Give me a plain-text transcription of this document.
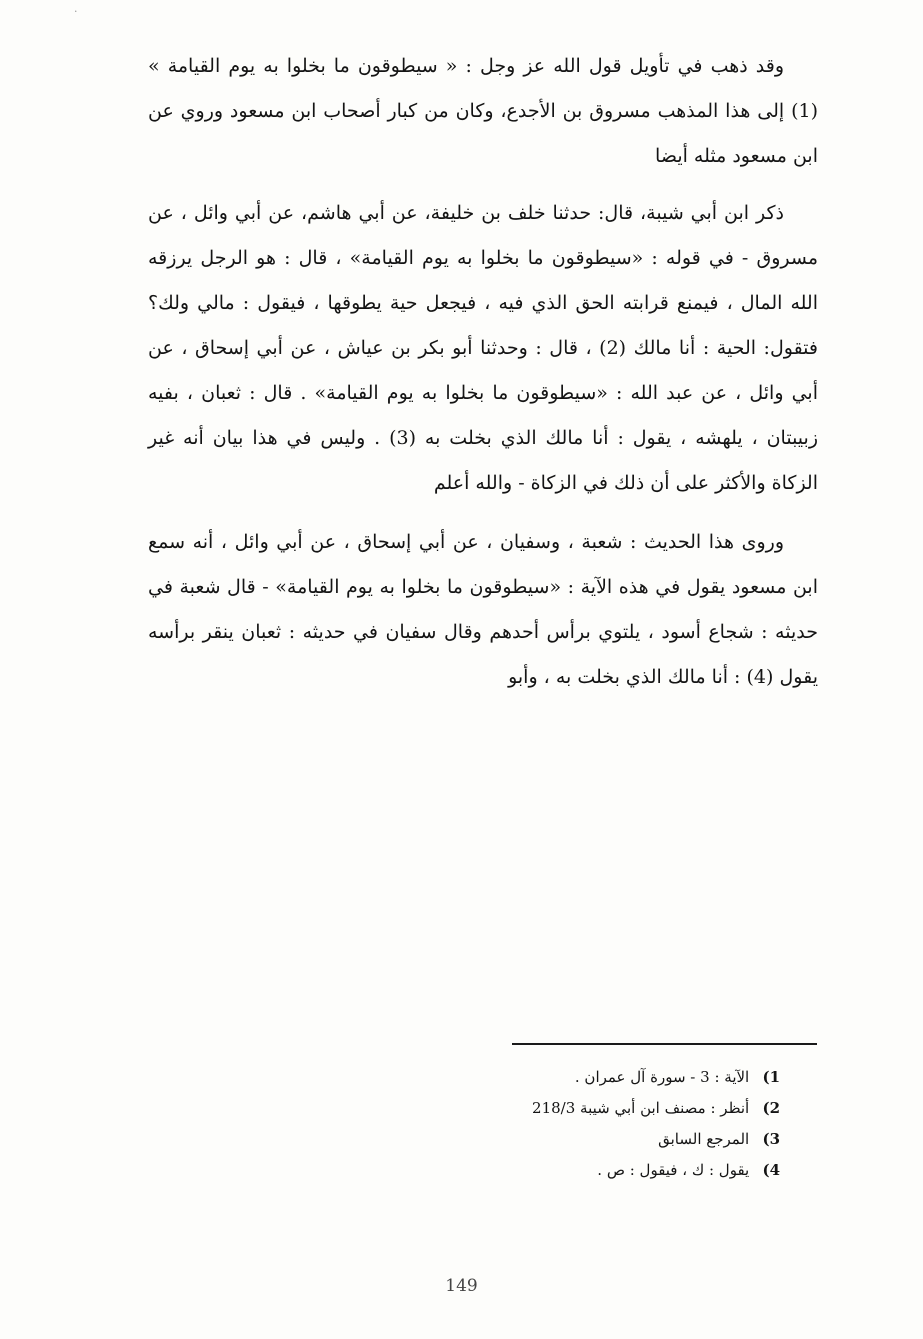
·

وقد ذهب في تأويل قول الله عز وجل : « سيطوقون ما بخلوا به يوم القيامة » (1) إلى هذا المذهب مسروق بن الأجدع، وكان من كبار أصحاب ابن مسعود وروي عن ابن مسعود مثله أيضا

ذكر ابن أبي شيبة، قال: حدثنا خلف بن خليفة، عن أبي هاشم، عن أبي وائل ، عن مسروق - في قوله : «سيطوقون ما بخلوا به يوم القيامة» ، قال : هو الرجل يرزقه الله المال ، فيمنع قرابته الحق الذي فيه ، فيجعل حية يطوقها ، فيقول : مالي ولك؟ فتقول: الحية : أنا مالك (2) ، قال : وحدثنا أبو بكر بن عياش ، عن أبي إسحاق ، عن أبي وائل ، عن عبد الله : «سيطوقون ما بخلوا به يوم القيامة» . قال : ثعبان ، بفيه زبيبتان ، يلهشه ، يقول : أنا مالك الذي بخلت به (3) . وليس في هذا بيان أنه غير الزكاة والأكثر على أن ذلك في الزكاة - والله أعلم

وروى هذا الحديث : شعبة ، وسفيان ، عن أبي إسحاق ، عن أبي وائل ، أنه سمع ابن مسعود يقول في هذه الآية : «سيطوقون ما بخلوا به يوم القيامة» - قال شعبة في حديثه : شجاع أسود ، يلتوي برأس أحدهم وقال سفيان في حديثه : ثعبان ينقر برأسه يقول (4) : أنا مالك الذي بخلت به ، وأبو

1) الآية : 3 - سورة آل عمران .
2) أنظر : مصنف ابن أبي شيبة 218/3
3) المرجع السابق
4) يقول : ك ، فيقول : ص .
149
